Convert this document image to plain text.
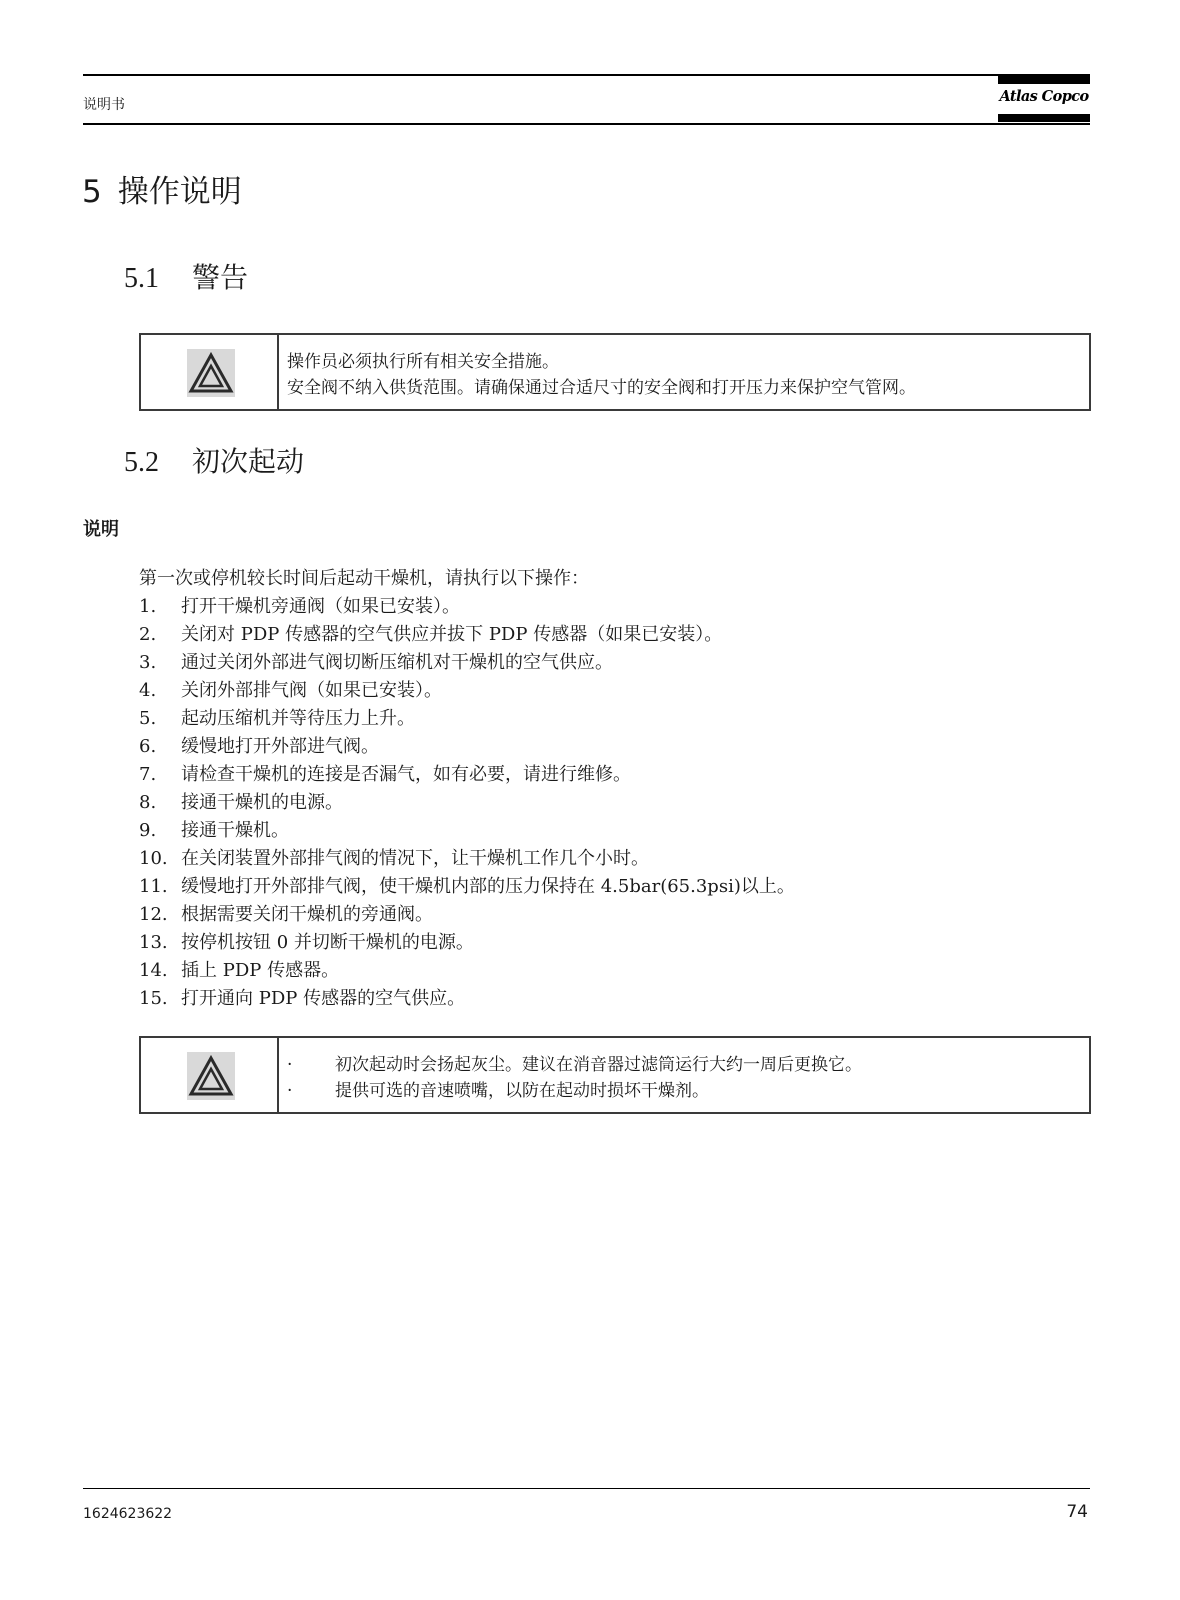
说明书	Atlas Copco
5 操作说明
5.1 警告
操作员必须执行所有相关安全措施。
安全阀不纳入供货范围。请确保通过合适尺寸的安全阀和打开压力来保护空气管网。
5.2 初次起动
说明
第一次或停机较长时间后起动干燥机，请执行以下操作：
1. 打开干燥机旁通阀（如果已安装）。
2. 关闭对 PDP 传感器的空气供应并拔下 PDP 传感器（如果已安装）。
3. 通过关闭外部进气阀切断压缩机对干燥机的空气供应。
4. 关闭外部排气阀（如果已安装）。
5. 起动压缩机并等待压力上升。
6. 缓慢地打开外部进气阀。
7. 请检查干燥机的连接是否漏气，如有必要，请进行维修。
8. 接通干燥机的电源。
9. 接通干燥机。
10. 在关闭装置外部排气阀的情况下，让干燥机工作几个小时。
11. 缓慢地打开外部排气阀，使干燥机内部的压力保持在 4.5bar(65.3psi)以上。
12. 根据需要关闭干燥机的旁通阀。
13. 按停机按钮 0 并切断干燥机的电源。
14. 插上 PDP 传感器。
15. 打开通向 PDP 传感器的空气供应。
·	初次起动时会扬起灰尘。建议在消音器过滤筒运行大约一周后更换它。
·	提供可选的音速喷嘴，以防在起动时损坏干燥剂。
1624623622	74
